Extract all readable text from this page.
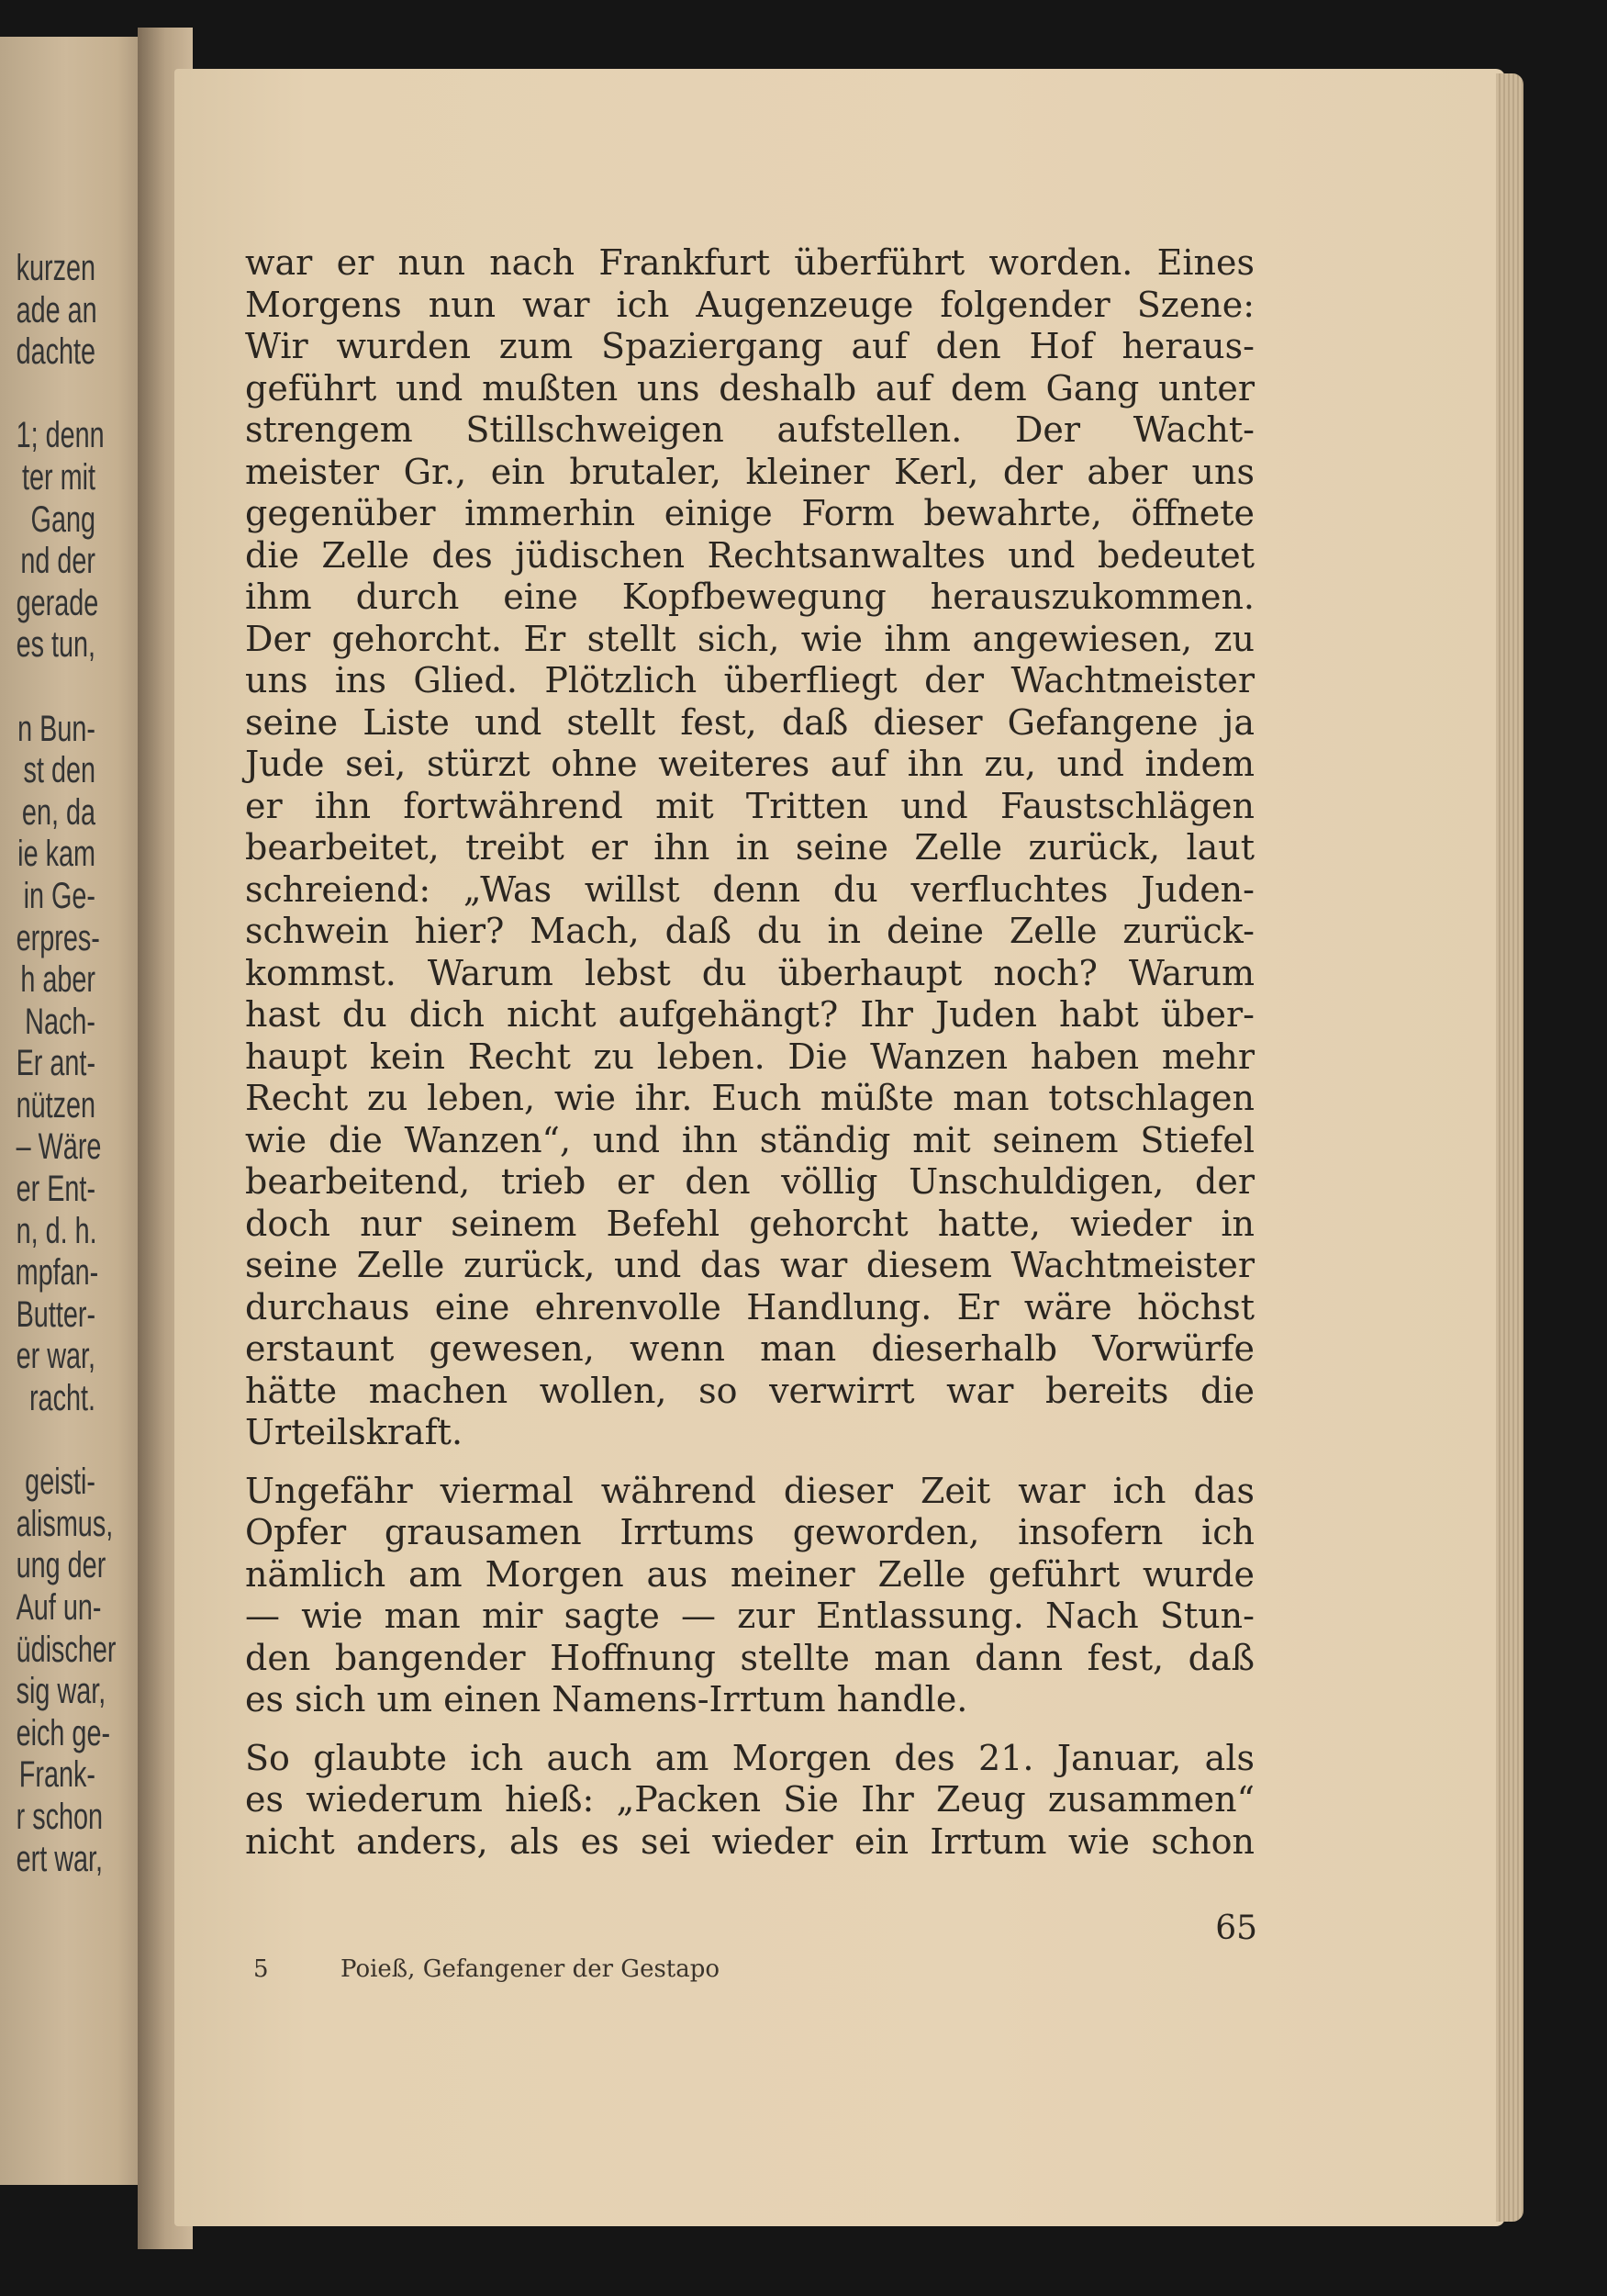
kurzen
ade an
dachte
1; denn
ter mit
Gang
nd der
gerade
es tun,
n Bun-
st den
en, da
ie kam
in Ge-
erpres-
h aber
Nach-
Er ant-
nützen
– Wäre
er Ent-
n, d. h.
mpfan-
Butter-
er war,
racht.
geisti-
alismus,
ung der
Auf un-
üdischer
sig war,
eich ge-
Frank-
r schon
ert war,
war er nun nach Frankfurt überführt worden. Eines
Morgens nun war ich Augenzeuge folgender Szene:
Wir wurden zum Spaziergang auf den Hof heraus-
geführt und mußten uns deshalb auf dem Gang unter
strengem Stillschweigen aufstellen. Der Wacht-
meister Gr., ein brutaler, kleiner Kerl, der aber uns
gegenüber immerhin einige Form bewahrte, öffnete
die Zelle des jüdischen Rechtsanwaltes und bedeutet
ihm durch eine Kopfbewegung herauszukommen.
Der gehorcht. Er stellt sich, wie ihm angewiesen, zu
uns ins Glied. Plötzlich überfliegt der Wachtmeister
seine Liste und stellt fest, daß dieser Gefangene ja
Jude sei, stürzt ohne weiteres auf ihn zu, und indem
er ihn fortwährend mit Tritten und Faustschlägen
bearbeitet, treibt er ihn in seine Zelle zurück, laut
schreiend: „Was willst denn du verfluchtes Juden-
schwein hier? Mach, daß du in deine Zelle zurück-
kommst. Warum lebst du überhaupt noch? Warum
hast du dich nicht aufgehängt? Ihr Juden habt über-
haupt kein Recht zu leben. Die Wanzen haben mehr
Recht zu leben, wie ihr. Euch müßte man totschlagen
wie die Wanzen“, und ihn ständig mit seinem Stiefel
bearbeitend, trieb er den völlig Unschuldigen, der
doch nur seinem Befehl gehorcht hatte, wieder in
seine Zelle zurück, und das war diesem Wachtmeister
durchaus eine ehrenvolle Handlung. Er wäre höchst
erstaunt gewesen, wenn man dieserhalb Vorwürfe
hätte machen wollen, so verwirrt war bereits die
Urteilskraft.
Ungefähr viermal während dieser Zeit war ich das
Opfer grausamen Irrtums geworden, insofern ich
nämlich am Morgen aus meiner Zelle geführt wurde
— wie man mir sagte — zur Entlassung. Nach Stun-
den bangender Hoffnung stellte man dann fest, daß
es sich um einen Namens-Irrtum handle.
So glaubte ich auch am Morgen des 21. Januar, als
es wiederum hieß: „Packen Sie Ihr Zeug zusammen“
nicht anders, als es sei wieder ein Irrtum wie schon
65
5	Poieß, Gefangener der Gestapo
